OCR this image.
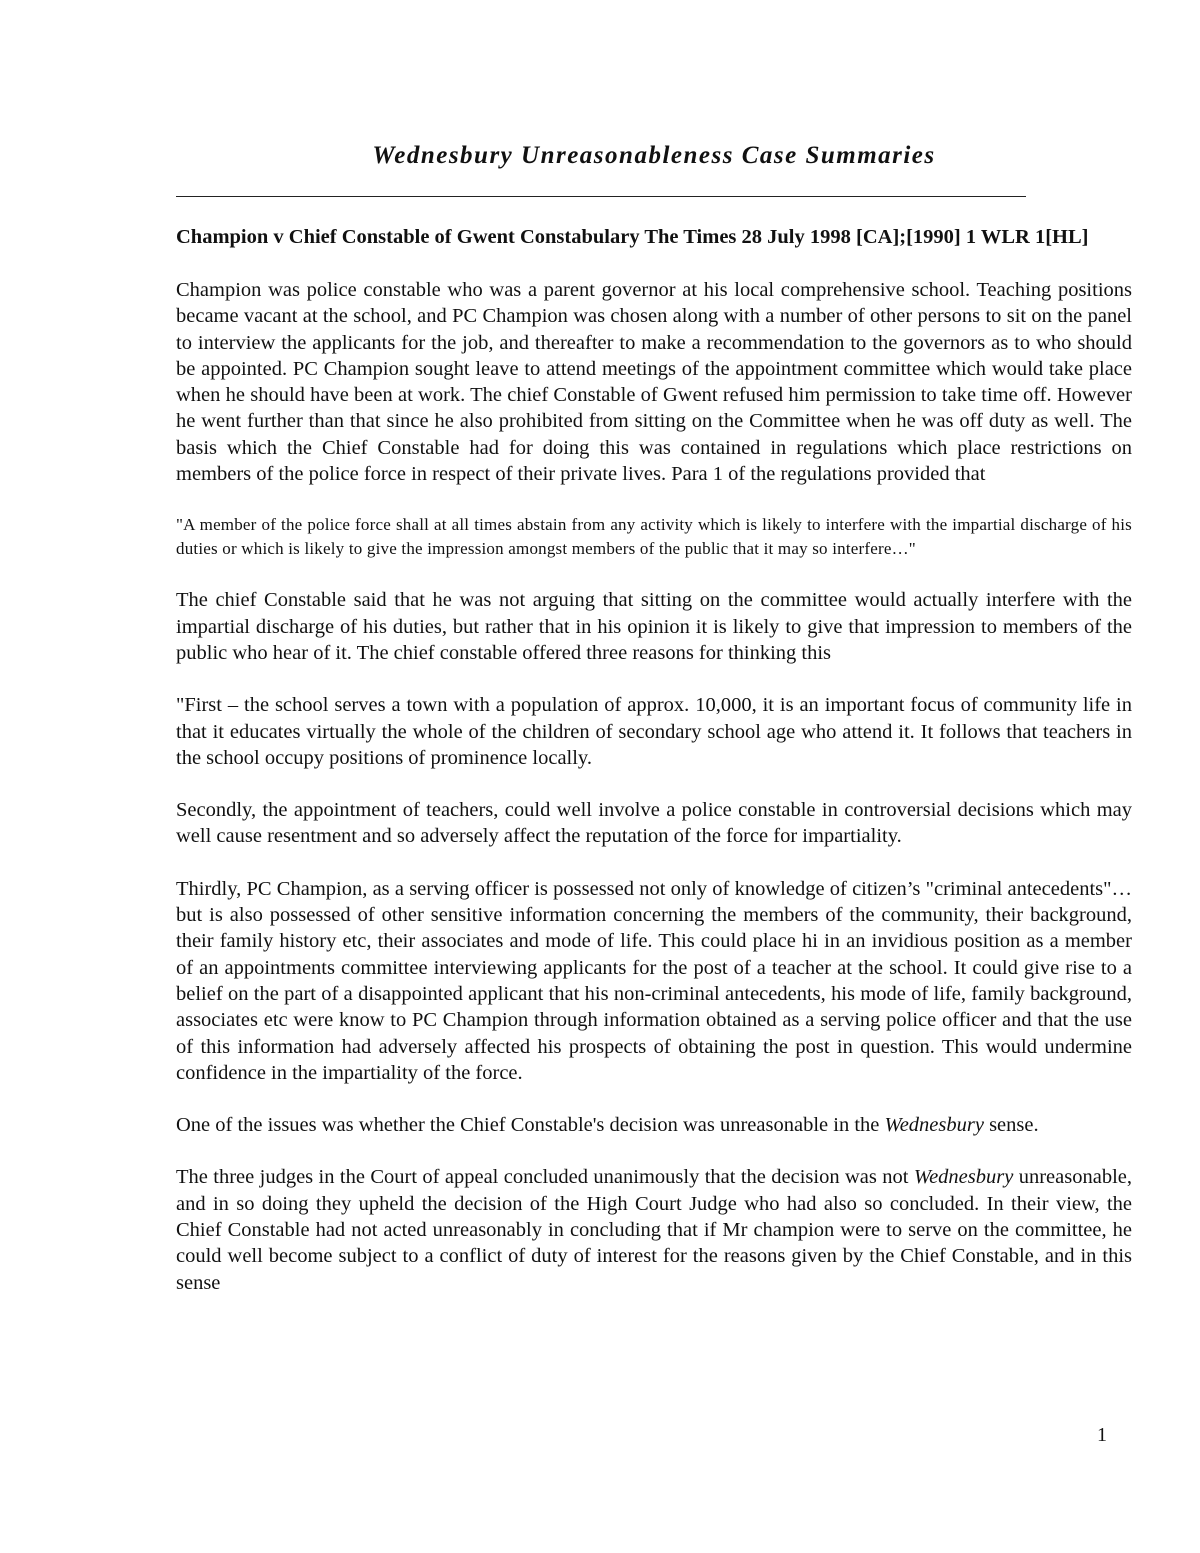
Wednesbury Unreasonableness Case Summaries
Champion v Chief Constable of Gwent Constabulary The Times 28 July 1998 [CA];[1990] 1 WLR 1[HL]

Champion was police constable who was a parent governor at his local comprehensive school. Teaching positions became vacant at the school, and PC Champion was chosen along with a number of other persons to sit on the panel to interview the applicants for the job, and thereafter to make a recommendation to the governors as to who should be appointed. PC Champion sought leave to attend meetings of the appointment committee which would take place when he should have been at work. The chief Constable of Gwent refused him permission to take time off. However he went further than that since he also prohibited from sitting on the Committee when he was off duty as well. The basis which the Chief Constable had for doing this was contained in regulations which place restrictions on members of the police force in respect of their private lives. Para 1 of the regulations provided that

"A member of the police force shall at all times abstain from any activity which is likely to interfere with the impartial discharge of his duties or which is likely to give the impression amongst members of the public that it may so interfere…"

The chief Constable said that he was not arguing that sitting on the committee would actually interfere with the impartial discharge of his duties, but rather that in his opinion it is likely to give that impression to members of the public who hear of it. The chief constable offered three reasons for thinking this

"First – the school serves a town with a population of approx. 10,000, it is an important focus of community life in that it educates virtually the whole of the children of secondary school age who attend it. It follows that teachers in the school occupy positions of prominence locally.

Secondly, the appointment of teachers, could well involve a police constable in controversial decisions which may well cause resentment and so adversely affect the reputation of the force for impartiality.

Thirdly, PC Champion, as a serving officer is possessed not only of knowledge of citizen’s "criminal antecedents"…but is also possessed of other sensitive information concerning the members of the community, their background, their family history etc, their associates and mode of life. This could place hi in an invidious position as a member of an appointments committee interviewing applicants for the post of a teacher at the school. It could give rise to a belief on the part of a disappointed applicant that his non-criminal antecedents, his mode of life, family background, associates etc were know to PC Champion through information obtained as a serving police officer and that the use of this information had adversely affected his prospects of obtaining the post in question. This would undermine confidence in the impartiality of the force.

One of the issues was whether the Chief Constable's decision was unreasonable in the Wednesbury sense.

The three judges in the Court of appeal concluded unanimously that the decision was not Wednesbury unreasonable, and in so doing they upheld the decision of the High Court Judge who had also so concluded. In their view, the Chief Constable had not acted unreasonably in concluding that if Mr champion were to serve on the committee, he could well become subject to a conflict of duty of interest for the reasons given by the Chief Constable, and in this sense

1
